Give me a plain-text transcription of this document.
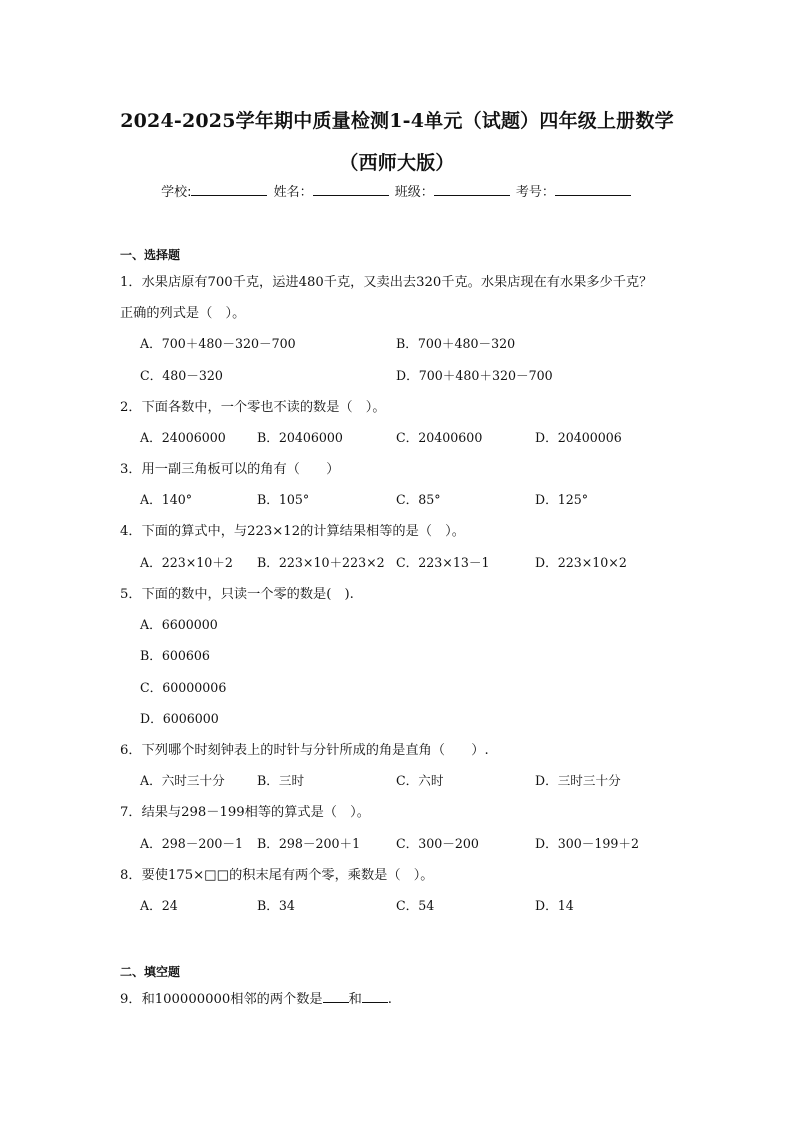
2024-2025学年期中质量检测1-4单元（试题）四年级上册数学
（西师大版）
学校:	姓名：	班级：	考号：
一、选择题
1．水果店原有700千克，运进480千克，又卖出去320千克。水果店现在有水果多少千克？
正确的列式是（　）。
A．700＋480－320－700	B．700＋480－320
C．480－320	D．700＋480＋320－700
2．下面各数中，一个零也不读的数是（　）。
A．24006000 B．20406000	C．20400600	D．20400006
3．用一副三角板可以的角有（　　）
A．140°	B．105°	C．85°	D．125°
4．下面的算式中，与223×12的计算结果相等的是（　）。
A．223×10＋2 B．223×10＋223×2 C．223×13－1	D．223×10×2
5．下面的数中，只读一个零的数是(　).
A．6600000
B．600606
C．60000006
D．6006000
6．下列哪个时刻钟表上的时针与分针所成的角是直角（　　）.
A．六时三十分	B．三时	C．六时	D．三时三十分
7．结果与298－199相等的算式是（　）。
A．298－200－1 B．298－200＋1	C．300－200	D．300－199＋2
8．要使175×□□的积末尾有两个零，乘数是（　）。
A．24	B．34	C．54	D．14
二、填空题
9．和100000000相邻的两个数是 和 .
